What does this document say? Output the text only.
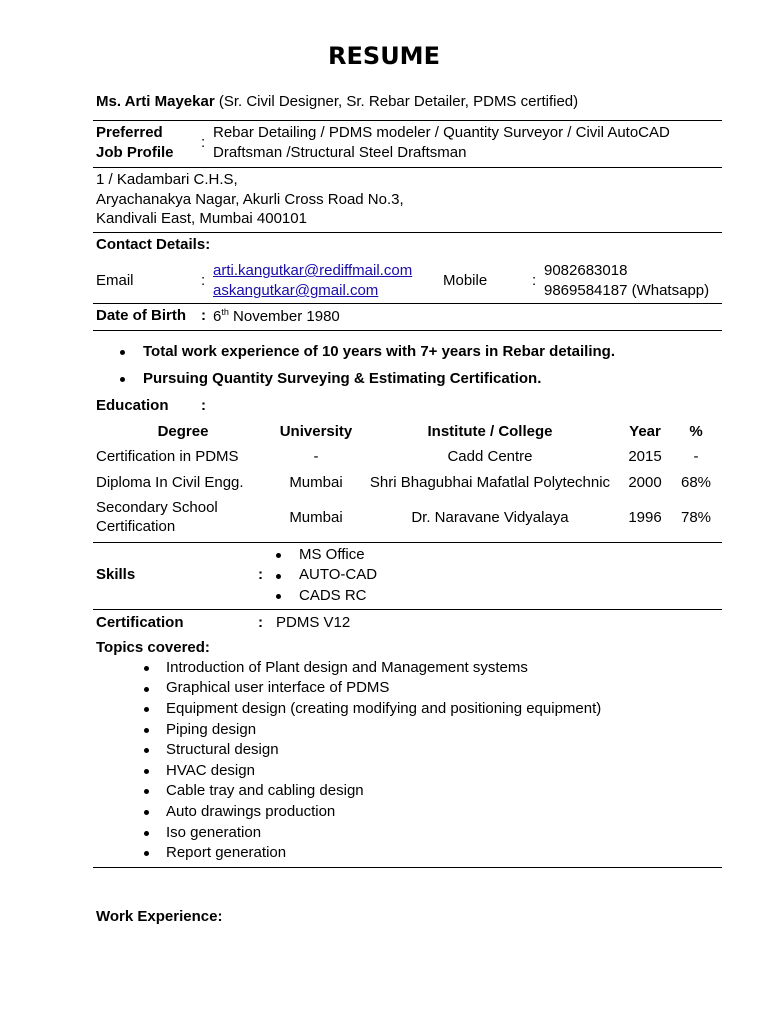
RESUME
Ms. Arti Mayekar (Sr. Civil Designer, Sr. Rebar Detailer, PDMS certified)
Preferred
Job Profile
:
Rebar Detailing / PDMS modeler / Quantity Surveyor / Civil AutoCAD
Draftsman /Structural Steel Draftsman
1 / Kadambari C.H.S,
Aryachanakya Nagar, Akurli Cross Road No.3,
Kandivali East, Mumbai 400101
Contact Details:
Email	:
arti.kangutkar@rediffmail.com
askangutkar@gmail.com
Mobile	:
9082683018
9869584187 (Whatsapp)
Date of Birth : 6th November 1980
Total work experience of 10 years with 7+ years in Rebar detailing.
Pursuing Quantity Surveying & Estimating Certification.
Education :
Degree	University	Institute / College	Year	%
Certification in PDMS	-	Cadd Centre	2015	-
Diploma In Civil Engg.	Mumbai	Shri Bhagubhai Mafatlal Polytechnic	2000	68%
Secondary School
Certification
Mumbai	Dr. Naravane Vidyalaya	1996	78%
Skills	:
MS Office
AUTO-CAD
CADS RC
Certification	: PDMS V12
Topics covered:
Introduction of Plant design and Management systems
Graphical user interface of PDMS
Equipment design (creating modifying and positioning equipment)
Piping design
Structural design
HVAC design
Cable tray and cabling design
Auto drawings production
Iso generation
Report generation
Work Experience:
